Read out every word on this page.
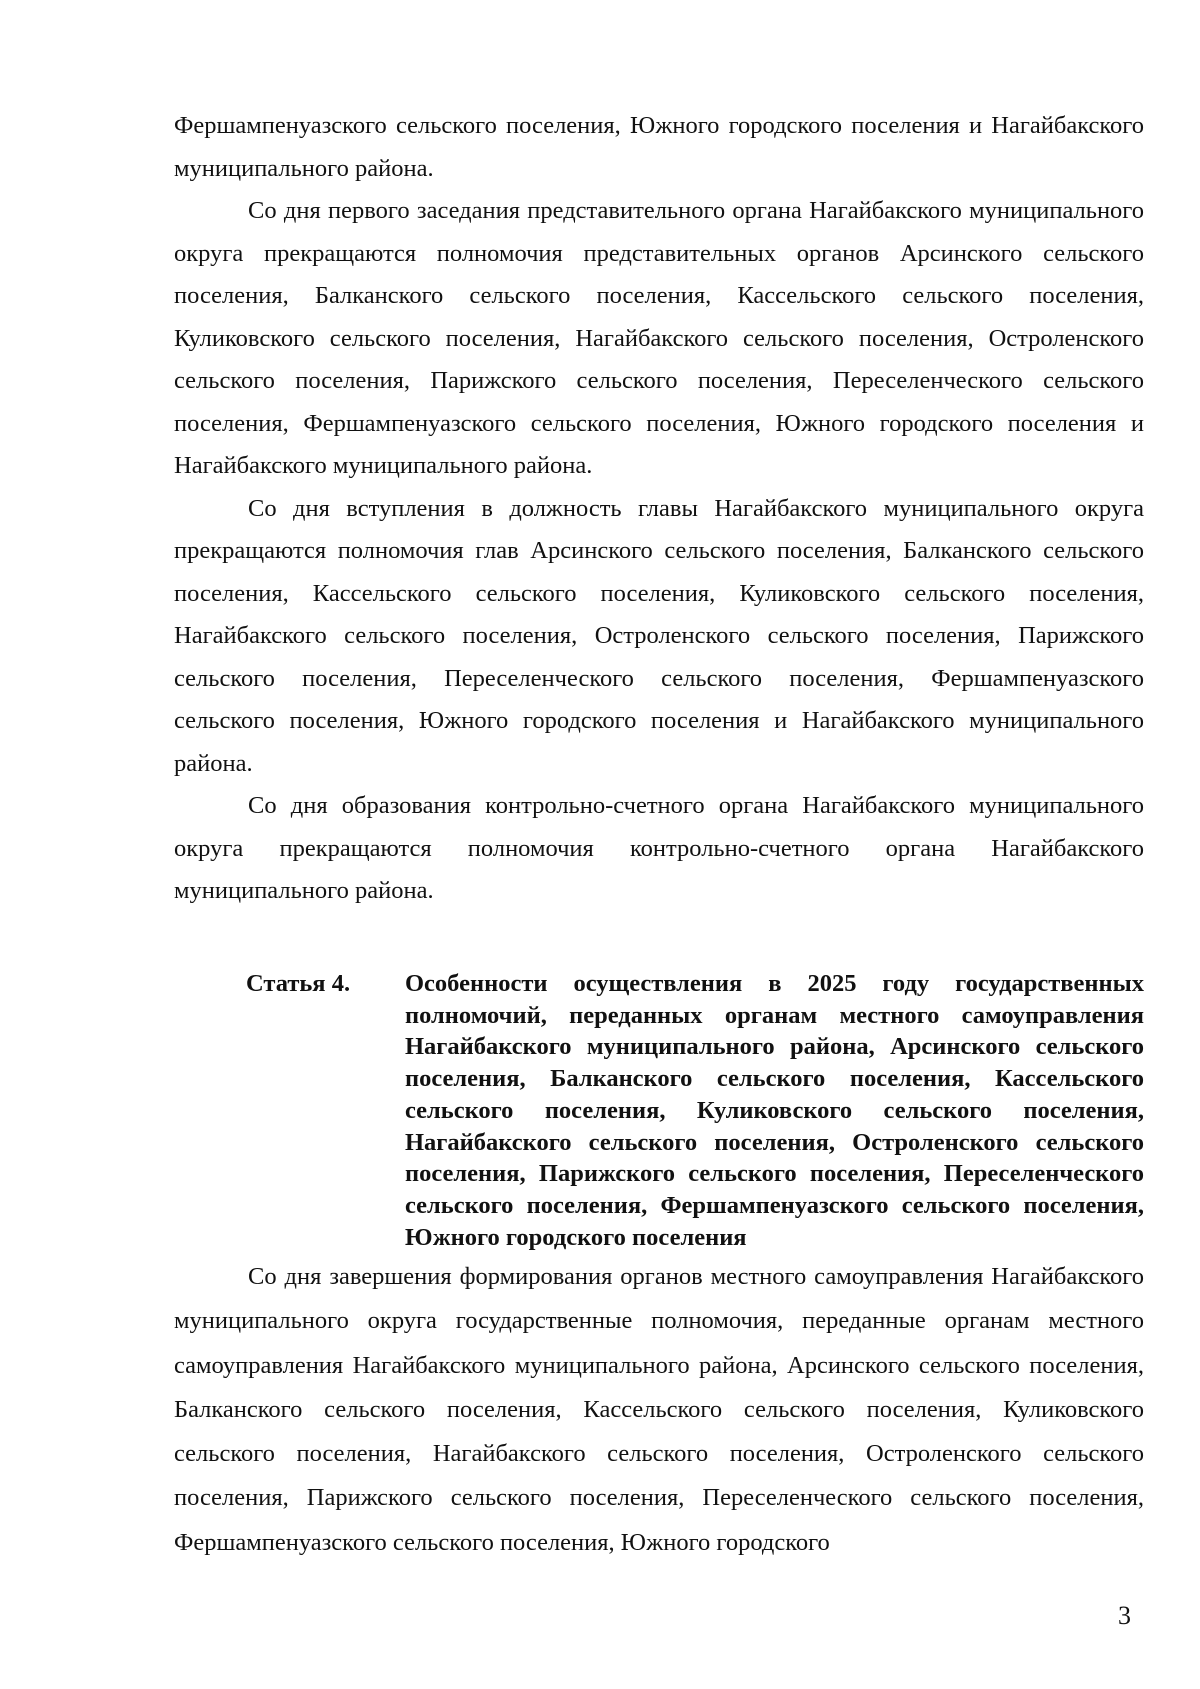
Фершампенуазского сельского поселения, Южного городского поселения и Нагайбакского муниципального района.

Со дня первого заседания представительного органа Нагайбакского муниципального округа прекращаются полномочия представительных органов Арсинского сельского поселения, Балканского сельского поселения, Кассельского сельского поселения, Куликовского сельского поселения, Нагайбакского сельского поселения, Остроленского сельского поселения, Парижского сельского поселения, Переселенческого сельского поселения, Фершампенуазского сельского поселения, Южного городского поселения и Нагайбакского муниципального района.

Со дня вступления в должность главы Нагайбакского муниципального округа прекращаются полномочия глав Арсинского сельского поселения, Балканского сельского поселения, Кассельского сельского поселения, Куликовского сельского поселения, Нагайбакского сельского поселения, Остроленского сельского поселения, Парижского сельского поселения, Переселенческого сельского поселения, Фершампенуазского сельского поселения, Южного городского поселения и Нагайбакского муниципального района.

Со дня образования контрольно-счетного органа Нагайбакского муниципального округа прекращаются полномочия контрольно-счетного органа Нагайбакского муниципального района.

Статья 4.	Особенности осуществления в 2025 году государственных полномочий, переданных органам местного самоуправления Нагайбакского муниципального района, Арсинского сельского поселения, Балканского сельского поселения, Кассельского сельского поселения, Куликовского сельского поселения, Нагайбакского сельского поселения, Остроленского сельского поселения, Парижского сельского поселения, Переселенческого сельского поселения, Фершампенуазского сельского поселения, Южного городского поселения

Со дня завершения формирования органов местного самоуправления Нагайбакского муниципального округа государственные полномочия, переданные органам местного самоуправления Нагайбакского муниципального района, Арсинского сельского поселения, Балканского сельского поселения, Кассельского сельского поселения, Куликовского сельского поселения, Нагайбакского сельского поселения, Остроленского сельского поселения, Парижского сельского поселения, Переселенческого сельского поселения, Фершампенуазского сельского поселения, Южного городского

3
